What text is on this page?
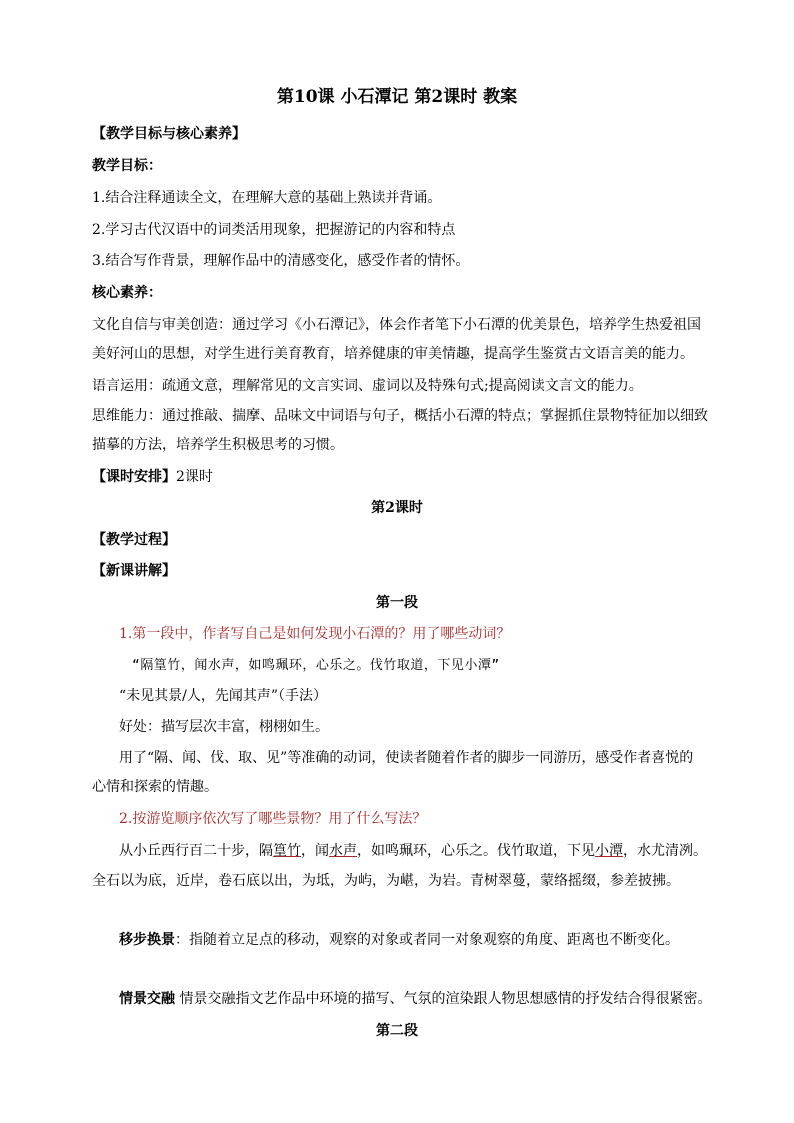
第10课 小石潭记 第2课时 教案
【教学目标与核心素养】
教学目标：
1.结合注释通读全文，在理解大意的基础上熟读并背诵。
2.学习古代汉语中的词类活用现象，把握游记的内容和特点
3.结合写作背景，理解作品中的清感变化，感受作者的情怀。
核心素养：
文化自信与审美创造：通过学习《小石潭记》，体会作者笔下小石潭的优美景色，培养学生热爱祖国
美好河山的思想，对学生进行美育教育，培养健康的审美情趣，提高学生鉴赏古文语言美的能力。
语言运用：疏通文意，理解常见的文言实词、虚词以及特殊句式;提高阅读文言文的能力。
思维能力：通过推敲、揣摩、品味文中词语与句子，概括小石潭的特点；掌握抓住景物特征加以细致
描摹的方法，培养学生积极思考的习惯。
【课时安排】2课时
第2课时
【教学过程】
【新课讲解】
第一段
1.第一段中，作者写自己是如何发现小石潭的？用了哪些动词？
“隔篁竹，闻水声，如鸣珮环，心乐之。伐竹取道，下见小潭”
“未见其景/人，先闻其声”（手法）
好处：描写层次丰富，栩栩如生。
用了“隔、闻、伐、取、见”等准确的动词，使读者随着作者的脚步一同游历，感受作者喜悦的
心情和探索的情趣。
2.按游览顺序依次写了哪些景物？用了什么写法？
从小丘西行百二十步，隔篁竹，闻水声，如鸣珮环，心乐之。伐竹取道，下见小潭，水尤清冽。
全石以为底，近岸，卷石底以出，为坻，为屿，为嵁，为岩。青树翠蔓，蒙络摇缀，参差披拂。
移步换景：指随着立足点的移动，观察的对象或者同一对象观察的角度、距离也不断变化。
情景交融 情景交融指文艺作品中环境的描写、气氛的渲染跟人物思想感情的抒发结合得很紧密。
第二段
